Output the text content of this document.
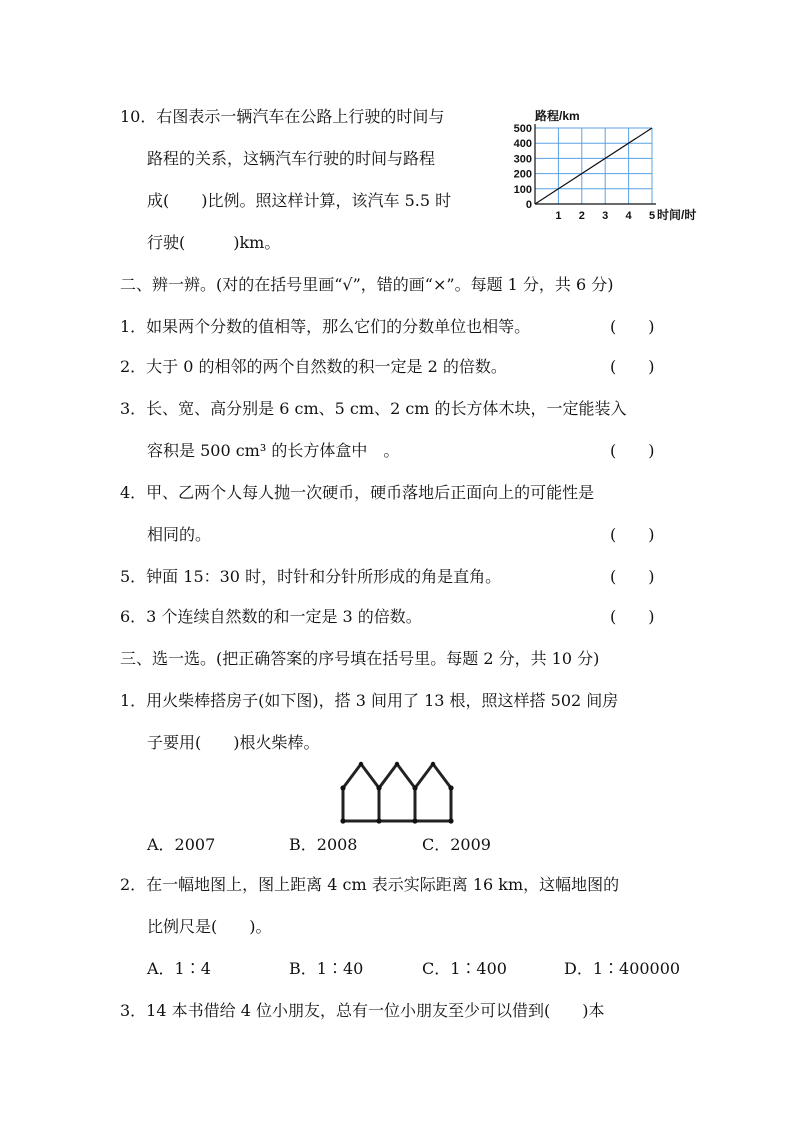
10．右图表示一辆汽车在公路上行驶的时间与
路程的关系，这辆汽车行驶的时间与路程
成(　　)比例。照这样计算，该汽车 5.5 时
行驶(　　　)km。
0
100
200
300
400
500
1 2 3 4 5
路程/km
时间/时
二、辨一辨。(对的在括号里画“√”，错的画“×”。每题 1 分，共 6 分)
1．如果两个分数的值相等，那么它们的分数单位也相等。	(　　)
2．大于 0 的相邻的两个自然数的积一定是 2 的倍数。	(　　)
3．长、宽、高分别是 6 cm、5 cm、2 cm 的长方体木块，一定能装入
容积是 500 cm³ 的长方体盒中　。	(　　)
4．甲、乙两个人每人抛一次硬币，硬币落地后正面向上的可能性是
相同的。	(　　)
5．钟面 15：30 时，时针和分针所形成的角是直角。	(　　)
6．3 个连续自然数的和一定是 3 的倍数。	(　　)
三、选一选。(把正确答案的序号填在括号里。每题 2 分，共 10 分)
1．用火柴棒搭房子(如下图)，搭 3 间用了 13 根，照这样搭 502 间房
子要用(　　)根火柴棒。
A．2007	B．2008	C．2009
2．在一幅地图上，图上距离 4 cm 表示实际距离 16 km，这幅地图的
比例尺是(　　)。
A．1∶4	B．1∶40	C．1∶400	D．1∶400000
3．14 本书借给 4 位小朋友，总有一位小朋友至少可以借到(　　)本
